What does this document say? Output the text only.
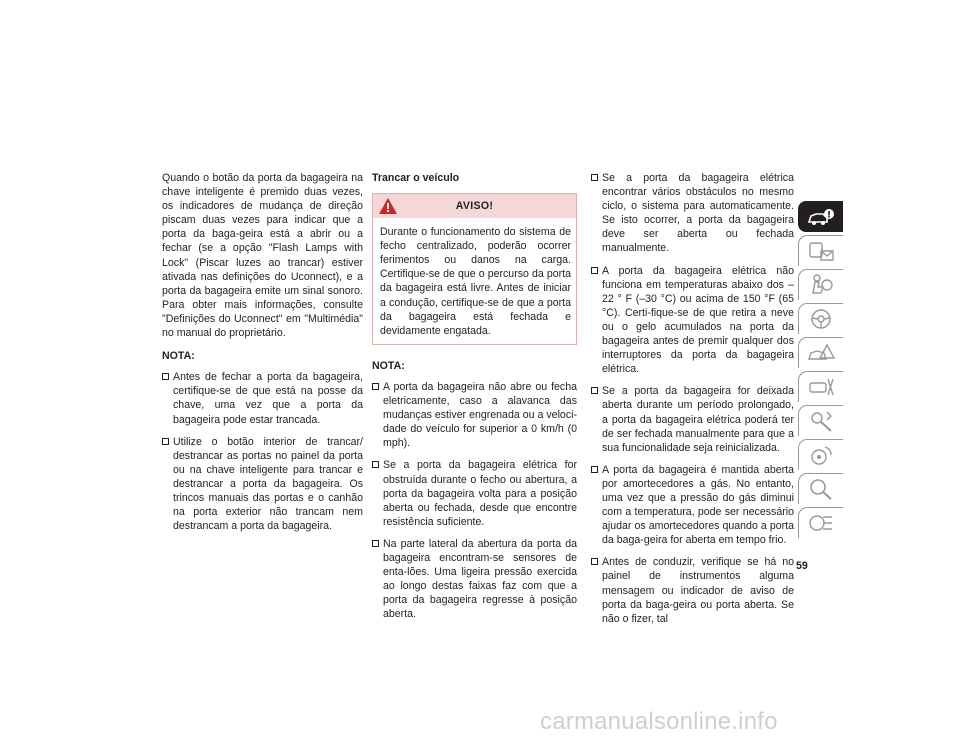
Quando o botão da porta da bagageira na chave inteligente é premido duas vezes, os indicadores de mudança de direção piscam duas vezes para indicar que a porta da baga-geira está a abrir ou a fechar (se a opção "Flash Lamps with Lock" (Piscar luzes ao trancar) estiver ativada nas definições do Uconnect), e a porta da bagageira emite um sinal sonoro. Para obter mais informações, consulte "Definições do Uconnect" em "Multimédia" no manual do proprietário.

NOTA:
Antes de fechar a porta da bagageira, certifique-se de que está na posse da chave, uma vez que a porta da bagageira pode estar trancada.
Utilize o botão interior de trancar/ destrancar as portas no painel da porta ou na chave inteligente para trancar e destrancar a porta da bagageira. Os trincos manuais das portas e o canhão na porta exterior não trancam nem destrancam a porta da bagageira.
Trancar o veículo
AVISO!
Durante o funcionamento do sistema de fecho centralizado, poderão ocorrer ferimentos ou danos na carga. Certifique-se de que o percurso da porta da bagageira está livre. Antes de iniciar a condução, certifique-se de que a porta da bagageira está fechada e devidamente engatada.
NOTA:
A porta da bagageira não abre ou fecha eletricamente, caso a alavanca das mudanças estiver engrenada ou a veloci-dade do veículo for superior a 0 km/h (0 mph).
Se a porta da bagageira elétrica for obstruída durante o fecho ou abertura, a porta da bagageira volta para a posição aberta ou fechada, desde que encontre resistência suficiente.
Na parte lateral da abertura da porta da bagageira encontram-se sensores de enta-lões. Uma ligeira pressão exercida ao longo destas faixas faz com que a porta da bagageira regresse à posição aberta.
Se a porta da bagageira elétrica encontrar vários obstáculos no mesmo ciclo, o sistema para automaticamente. Se isto ocorrer, a porta da bagageira deve ser aberta ou fechada manualmente.
A porta da bagageira elétrica não funciona em temperaturas abaixo dos –22 ° F (–30 °C) ou acima de 150 °F (65 °C). Certi-fique-se de que retira a neve ou o gelo acumulados na porta da bagageira antes de premir qualquer dos interruptores da porta da bagageira elétrica.
Se a porta da bagageira for deixada aberta durante um período prolongado, a porta da bagageira elétrica poderá ter de ser fechada manualmente para que a sua funcionalidade seja reinicializada.
A porta da bagageira é mantida aberta por amortecedores a gás. No entanto, uma vez que a pressão do gás diminui com a temperatura, pode ser necessário ajudar os amortecedores quando a porta da baga-geira for aberta em tempo frio.
Antes de conduzir, verifique se há no painel de instrumentos alguma mensagem ou indicador de aviso de porta da baga-geira ou porta aberta. Se não o fizer, tal
59
carmanualsonline.info
